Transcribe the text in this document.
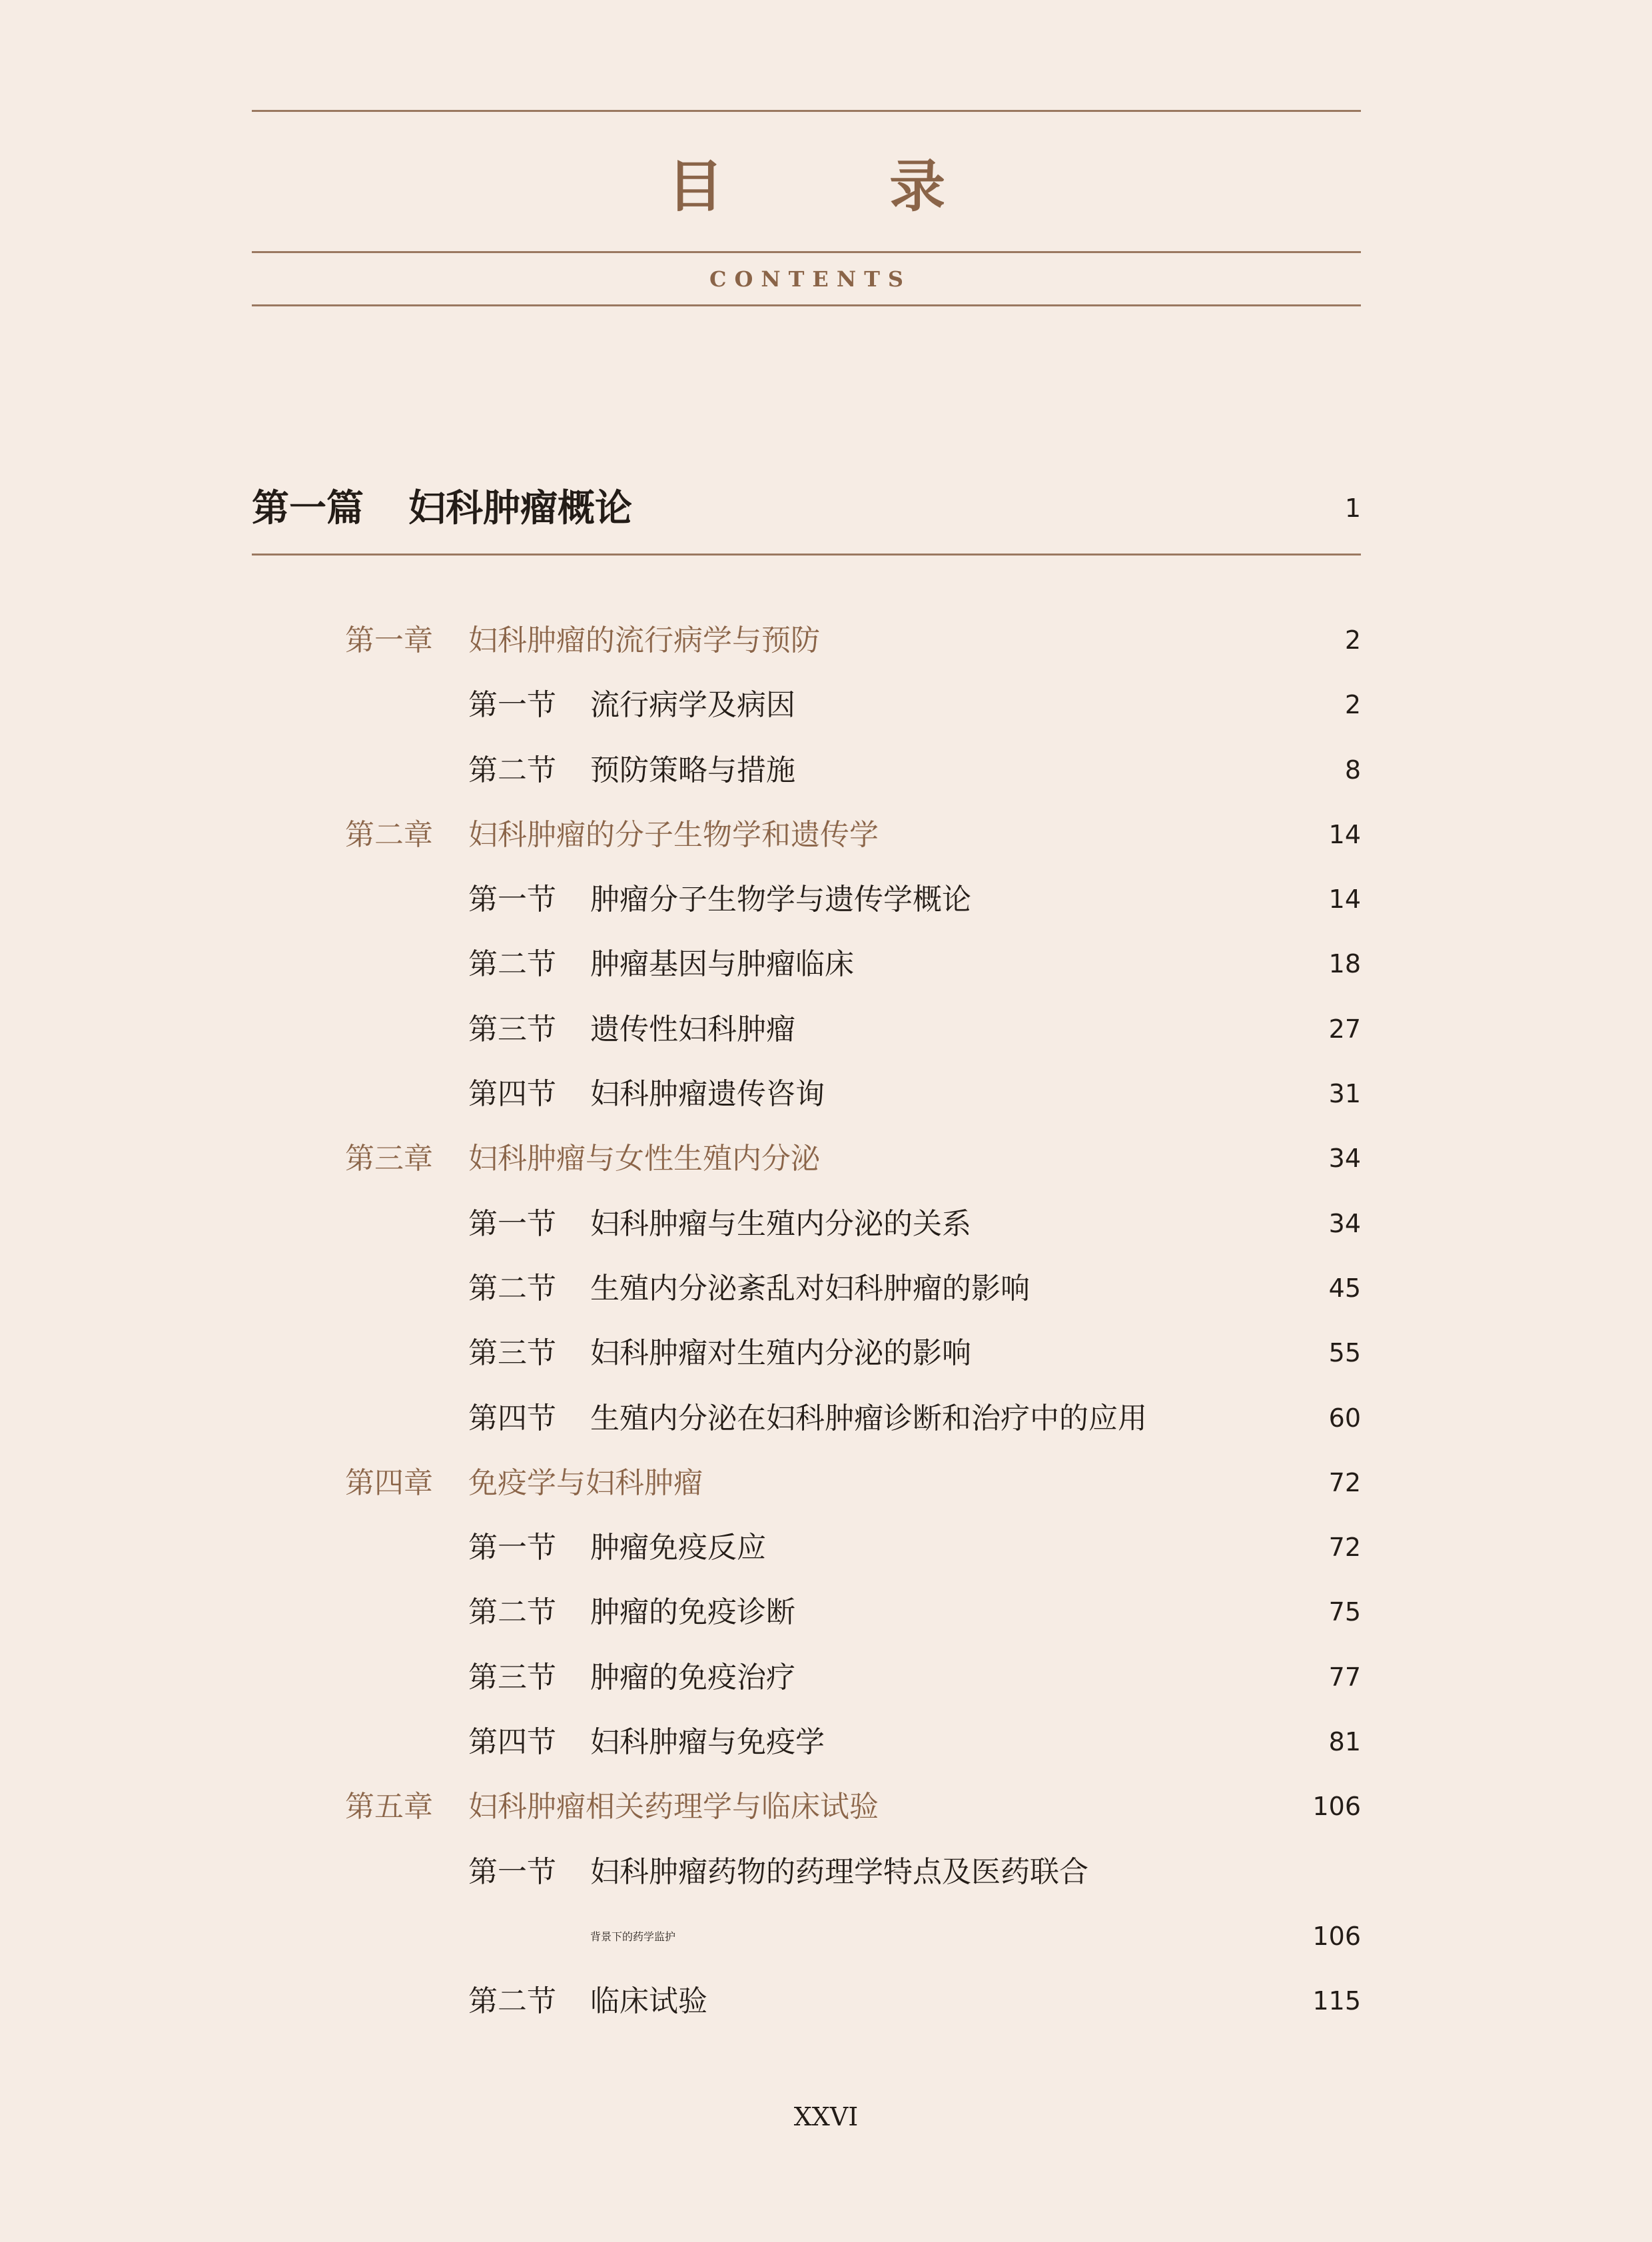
目 录
CONTENTS
第一篇 妇科肿瘤概论	1
第一章 妇科肿瘤的流行病学与预防	2
第一节 流行病学及病因	2
第二节 预防策略与措施	8
第二章 妇科肿瘤的分子生物学和遗传学	14
第一节 肿瘤分子生物学与遗传学概论	14
第二节 肿瘤基因与肿瘤临床	18
第三节 遗传性妇科肿瘤	27
第四节 妇科肿瘤遗传咨询	31
第三章 妇科肿瘤与女性生殖内分泌	34
第一节 妇科肿瘤与生殖内分泌的关系	34
第二节 生殖内分泌紊乱对妇科肿瘤的影响	45
第三节 妇科肿瘤对生殖内分泌的影响	55
第四节 生殖内分泌在妇科肿瘤诊断和治疗中的应用	60
第四章 免疫学与妇科肿瘤	72
第一节 肿瘤免疫反应	72
第二节 肿瘤的免疫诊断	75
第三节 肿瘤的免疫治疗	77
第四节 妇科肿瘤与免疫学	81
第五章 妇科肿瘤相关药理学与临床试验	106
第一节 妇科肿瘤药物的药理学特点及医药联合
背景下的药学监护	106
第二节 临床试验	115
XXVI
